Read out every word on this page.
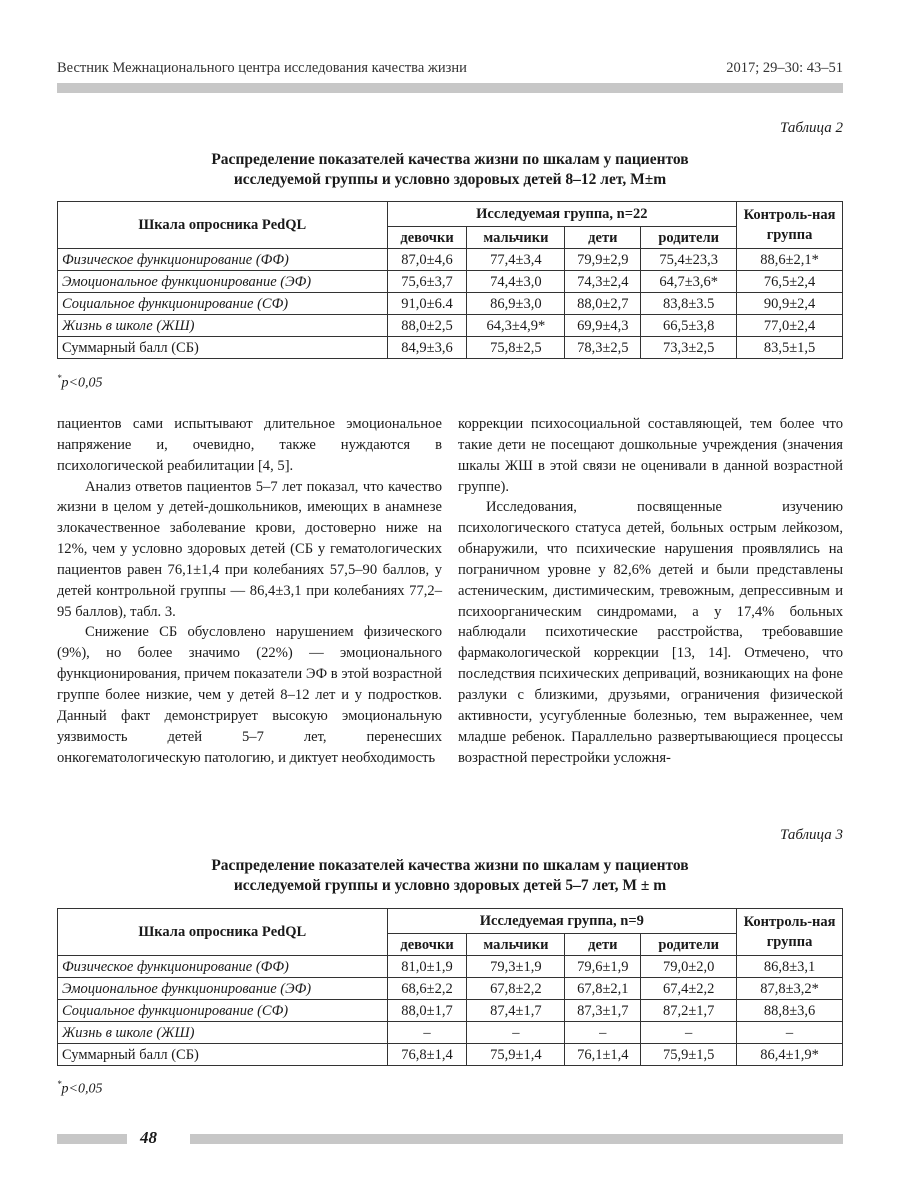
Вестник Межнационального центра исследования качества жизни	2017; 29–30: 43–51
Таблица 2
Распределение показателей качества жизни по шкалам у пациентов
исследуемой группы и условно здоровых детей 8–12 лет, M±m
Шкала опросника PedQL	Исследуемая группа, n=22				Контроль-ная группа
	девочки	мальчики	дети	родители	
Физическое функционирование (ФФ)	87,0±4,6	77,4±3,4	79,9±2,9	75,4±23,3	88,6±2,1*
Эмоциональное функционирование (ЭФ)	75,6±3,7	74,4±3,0	74,3±2,4	64,7±3,6*	76,5±2,4
Социальное функционирование (СФ)	91,0±6.4	86,9±3,0	88,0±2,7	83,8±3.5	90,9±2,4
Жизнь в школе (ЖШ)	88,0±2,5	64,3±4,9*	69,9±4,3	66,5±3,8	77,0±2,4
Суммарный балл (СБ)	84,9±3,6	75,8±2,5	78,3±2,5	73,3±2,5	83,5±1,5
*p<0,05

пациентов сами испытывают длительное эмоциональное напряжение и, очевидно, также нуждаются в психологической реабилитации [4, 5].

Анализ ответов пациентов 5–7 лет показал, что качество жизни в целом у детей-дошкольников, имеющих в анамнезе злокачественное заболевание крови, достоверно ниже на 12%, чем у условно здоровых детей (СБ у гематологических пациентов равен 76,1±1,4 при колебаниях 57,5–90 баллов, у детей контрольной группы — 86,4±3,1 при колебаниях 77,2–95 баллов), табл. 3.

Снижение СБ обусловлено нарушением физического (9%), но более значимо (22%) — эмоционального функционирования, причем показатели ЭФ в этой возрастной группе более низкие, чем у детей 8–12 лет и у подростков. Данный факт демонстрирует высокую эмоциональную уязвимость детей 5–7 лет, перенесших онкогематологическую патологию, и диктует необходимость

коррекции психосоциальной составляющей, тем более что такие дети не посещают дошкольные учреждения (значения шкалы ЖШ в этой связи не оценивали в данной возрастной группе).

Исследования, посвященные изучению психологического статуса детей, больных острым лейкозом, обнаружили, что психические нарушения проявлялись на пограничном уровне у 82,6% детей и были представлены астеническим, дистимическим, тревожным, депрессивным и психоорганическим синдромами, а у 17,4% больных наблюдали психотические расстройства, требовавшие фармакологической коррекции [13, 14]. Отмечено, что последствия психических деприваций, возникающих на фоне разлуки с близкими, друзьями, ограничения физической активности, усугубленные болезнью, тем выраженнее, чем младше ребенок. Параллельно развертывающиеся процессы возрастной перестройки усложня-

Таблица 3
Распределение показателей качества жизни по шкалам у пациентов
исследуемой группы и условно здоровых детей 5–7 лет, M ± m
Шкала опросника PedQL	Исследуемая группа, n=9				Контроль-ная группа
	девочки	мальчики	дети	родители	
Физическое функционирование (ФФ)	81,0±1,9	79,3±1,9	79,6±1,9	79,0±2,0	86,8±3,1
Эмоциональное функционирование (ЭФ)	68,6±2,2	67,8±2,2	67,8±2,1	67,4±2,2	87,8±3,2*
Социальное функционирование (СФ)	88,0±1,7	87,4±1,7	87,3±1,7	87,2±1,7	88,8±3,6
Жизнь в школе (ЖШ)	–	–	–	–	–
Суммарный балл (СБ)	76,8±1,4	75,9±1,4	76,1±1,4	75,9±1,5	86,4±1,9*
*p<0,05
48
